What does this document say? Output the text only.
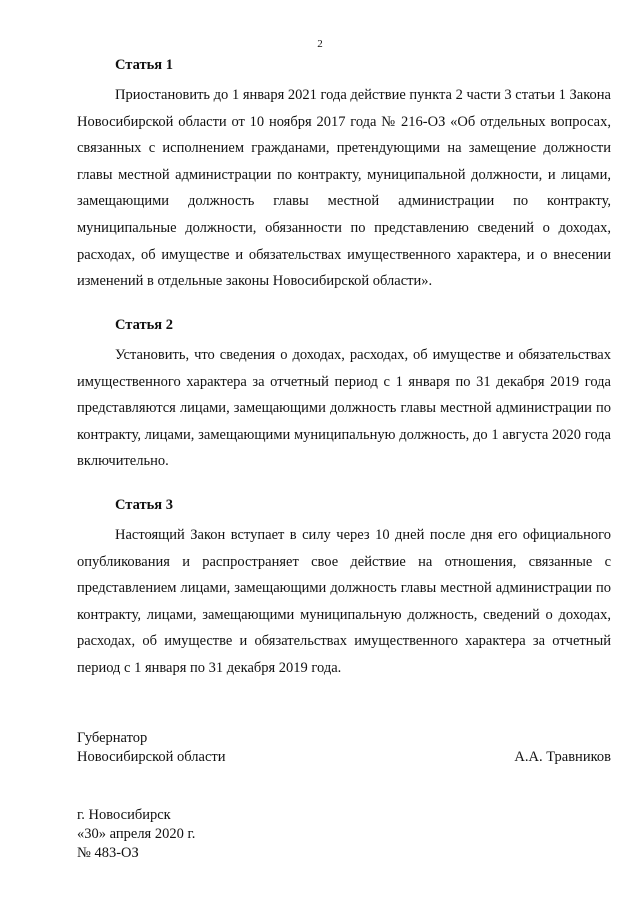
2

Статья 1

Приостановить до 1 января 2021 года действие пункта 2 части 3 статьи 1 Закона Новосибирской области от 10 ноября 2017 года № 216-ОЗ «Об отдельных вопросах, связанных с исполнением гражданами, претендующими на замещение должности главы местной администрации по контракту, муниципальной должности, и лицами, замещающими должность главы местной администрации по контракту, муниципальные должности, обязанности по представлению сведений о доходах, расходах, об имуществе и обязательствах имущественного характера, и о внесении изменений в отдельные законы Новосибирской области».

Статья 2

Установить, что сведения о доходах, расходах, об имуществе и обязательствах имущественного характера за отчетный период с 1 января по 31 декабря 2019 года представляются лицами, замещающими должность главы местной администрации по контракту, лицами, замещающими муниципальную должность, до 1 августа 2020 года включительно.

Статья 3

Настоящий Закон вступает в силу через 10 дней после дня его официального опубликования и распространяет свое действие на отношения, связанные с представлением лицами, замещающими должность главы местной администрации по контракту, лицами, замещающими муниципальную должность, сведений о доходах, расходах, об имуществе и обязательствах имущественного характера за отчетный период с 1 января по 31 декабря 2019 года.

Губернатор
Новосибирской области	А.А. Травников
г. Новосибирск
«30» апреля 2020 г.
№ 483-ОЗ
